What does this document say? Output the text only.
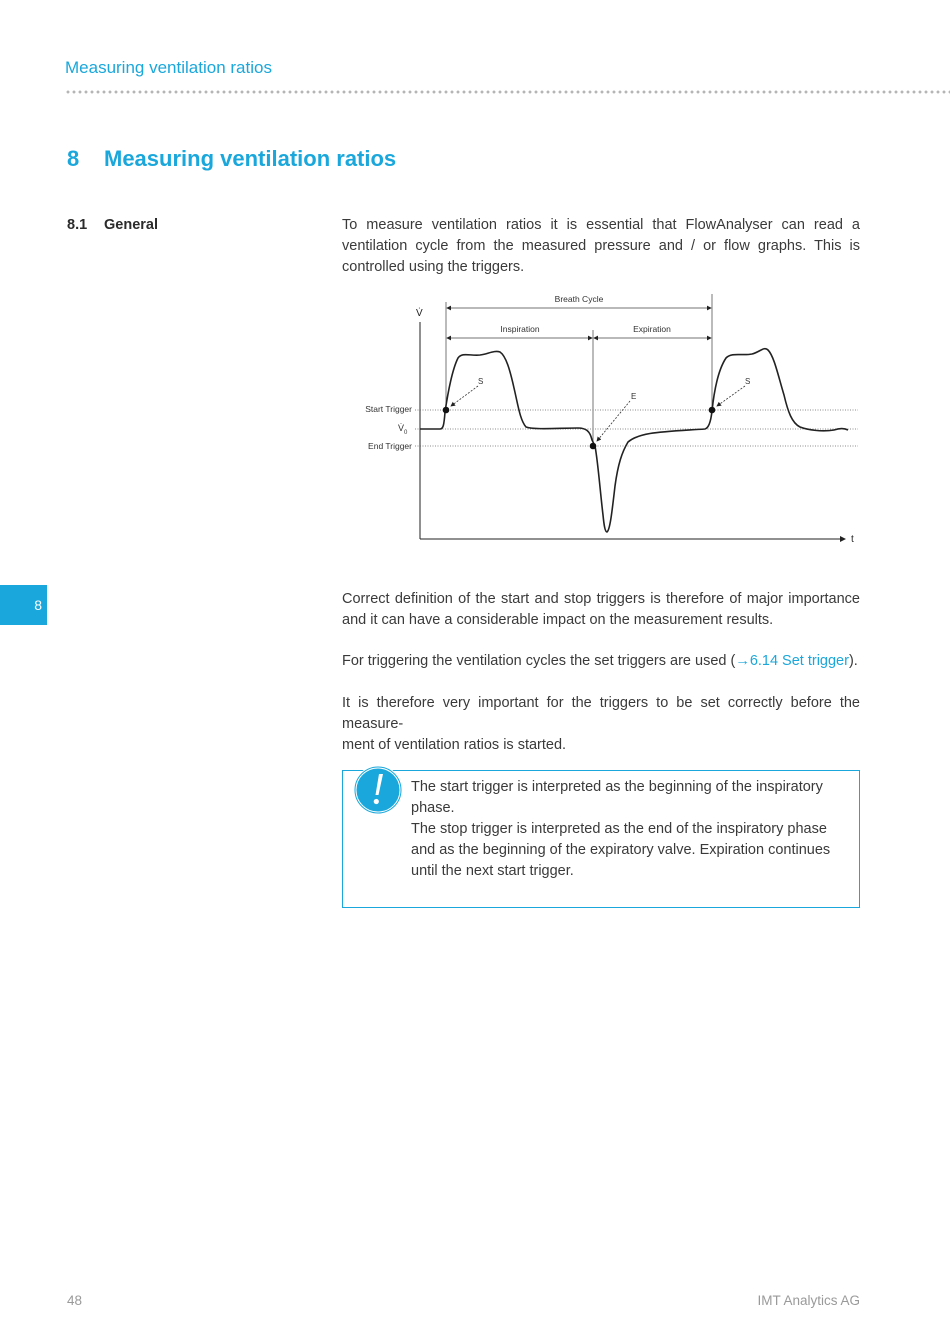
Measuring ventilation ratios
8 Measuring ventilation ratios
8.1 General	To measure ventilation ratios it is essential that FlowAnalyser can read a ventilation cycle from the measured pressure and / or flow graphs. This is controlled using the triggers.

V̇
t
Start Trigger
$V̇_0$
End Trigger
Breath Cycle
Inspiration	Expiration
S
E
S
8	Correct definition of the start and stop triggers is therefore of major importance and it can have a considerable impact on the measurement results.

For triggering the ventilation cycles the set triggers are used (→6.14 Set trigger).

It is therefore very important for the triggers to be set correctly before the measure-
ment of ventilation ratios is started.

The start trigger is interpreted as the beginning of the inspiratory phase.
The stop trigger is interpreted as the end of the inspiratory phase and as the beginning of the expiratory valve. Expiration continues until the next start trigger.

48	IMT Analytics AG
